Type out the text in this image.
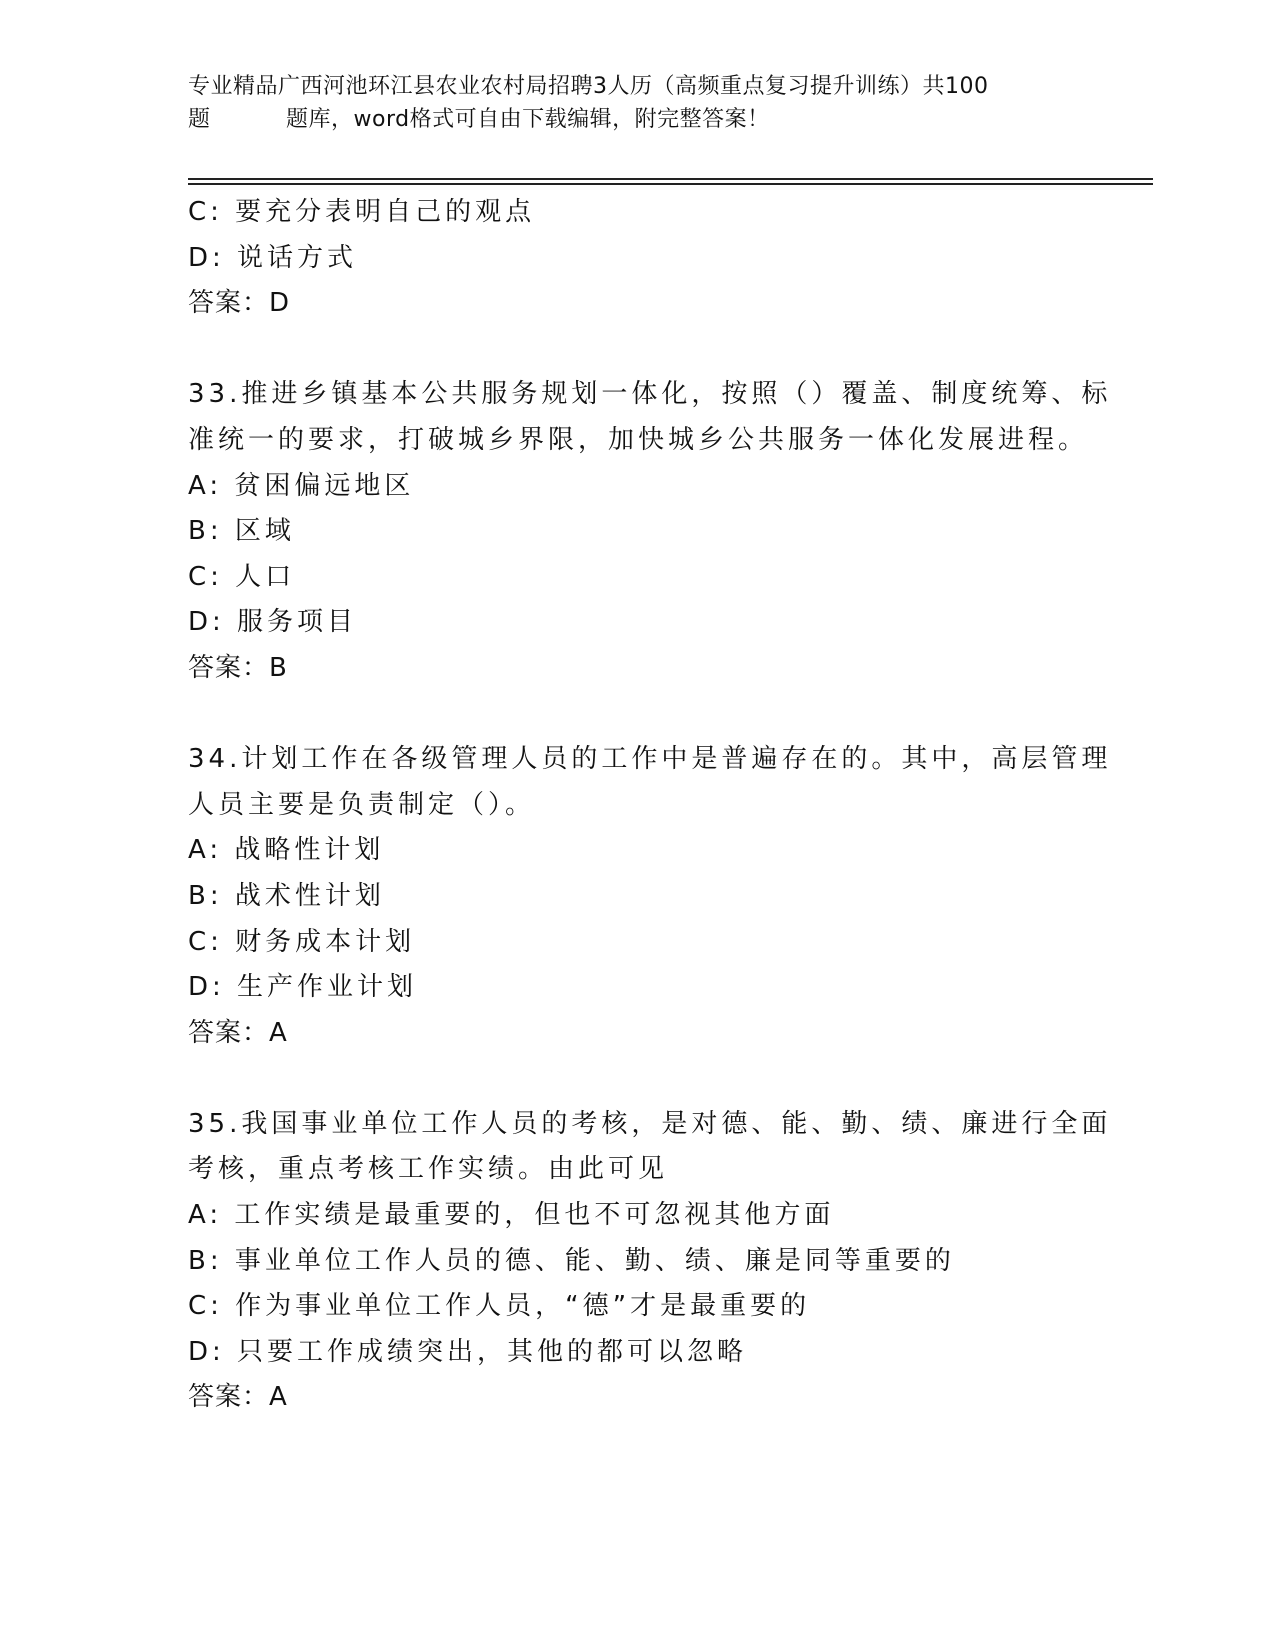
专业精品广西河池环江县农业农村局招聘3人历（高频重点复习提升训练）共100
题	题库，word格式可自由下载编辑，附完整答案！
C: 要充分表明自己的观点
D: 说话方式
答案：D
33.推进乡镇基本公共服务规划一体化，按照（）覆盖、制度统筹、标
准统一的要求，打破城乡界限，加快城乡公共服务一体化发展进程。
A: 贫困偏远地区
B: 区域
C: 人口
D: 服务项目
答案：B
34.计划工作在各级管理人员的工作中是普遍存在的。其中，高层管理
人员主要是负责制定（）。
A: 战略性计划
B: 战术性计划
C: 财务成本计划
D: 生产作业计划
答案：A
35.我国事业单位工作人员的考核，是对德、能、勤、绩、廉进行全面
考核，重点考核工作实绩。由此可见
A: 工作实绩是最重要的，但也不可忽视其他方面
B: 事业单位工作人员的德、能、勤、绩、廉是同等重要的
C: 作为事业单位工作人员，“德”才是最重要的
D: 只要工作成绩突出，其他的都可以忽略
答案：A
